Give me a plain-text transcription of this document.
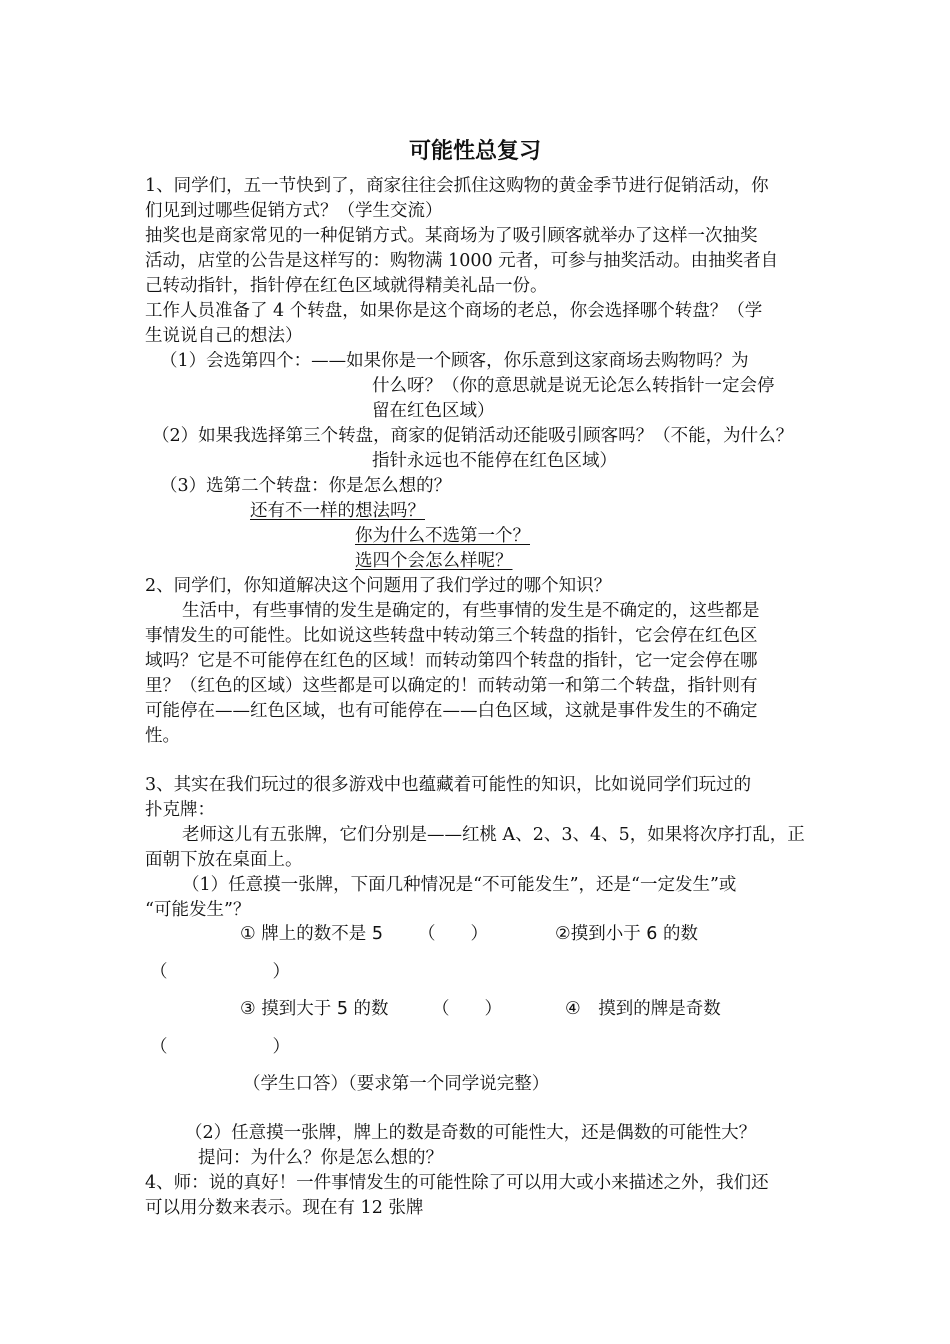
可能性总复习
1、同学们，五一节快到了，商家往往会抓住这购物的黄金季节进行促销活动，你
们见到过哪些促销方式？（学生交流）
抽奖也是商家常见的一种促销方式。某商场为了吸引顾客就举办了这样一次抽奖
活动，店堂的公告是这样写的：购物满 1000 元者，可参与抽奖活动。由抽奖者自
己转动指针，指针停在红色区域就得精美礼品一份。
工作人员准备了 4 个转盘，如果你是这个商场的老总，你会选择哪个转盘？（学
生说说自己的想法）
（1）会选第四个：——如果你是一个顾客，你乐意到这家商场去购物吗？为
什么呀？（你的意思就是说无论怎么转指针一定会停
留在红色区域）
（2）如果我选择第三个转盘，商家的促销活动还能吸引顾客吗？（不能，为什么？
指针永远也不能停在红色区域）
（3）选第二个转盘：你是怎么想的？
还有不一样的想法吗？
你为什么不选第一个？
选四个会怎么样呢？
2、同学们，你知道解决这个问题用了我们学过的哪个知识？
生活中，有些事情的发生是确定的，有些事情的发生是不确定的，这些都是
事情发生的可能性。比如说这些转盘中转动第三个转盘的指针，它会停在红色区
域吗？它是不可能停在红色的区域！而转动第四个转盘的指针，它一定会停在哪
里？（红色的区域）这些都是可以确定的！而转动第一和第二个转盘，指针则有
可能停在——红色区域，也有可能停在——白色区域，这就是事件发生的不确定
性。
3、其实在我们玩过的很多游戏中也蕴藏着可能性的知识，比如说同学们玩过的
扑克牌：
老师这儿有五张牌，它们分别是——红桃 A、2、3、4、5，如果将次序打乱，正
面朝下放在桌面上。
（1）任意摸一张牌，下面几种情况是“不可能发生”，还是“一定发生”或
“可能发生”？
① 牌上的数不是 5 （　　）	②摸到小于 6 的数
（　　　　　　）
③ 摸到大于 5 的数 （　　）	④　摸到的牌是奇数
（　　　　　　）
（学生口答）（要求第一个同学说完整）
（2）任意摸一张牌，牌上的数是奇数的可能性大，还是偶数的可能性大？
提问：为什么？你是怎么想的？
4、师：说的真好！一件事情发生的可能性除了可以用大或小来描述之外，我们还
可以用分数来表示。现在有 12 张牌
